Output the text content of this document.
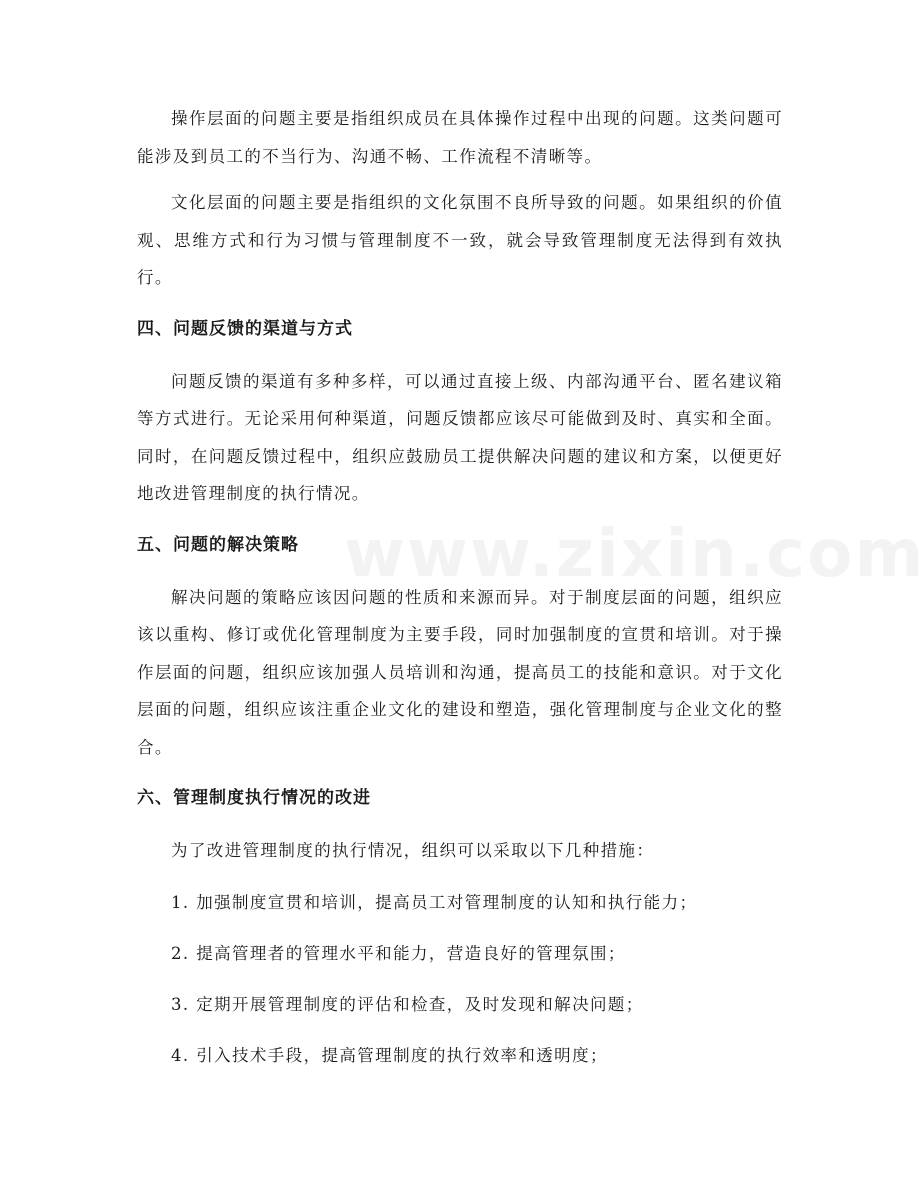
操作层面的问题主要是指组织成员在具体操作过程中出现的问题。这类问题可能涉及到员工的不当行为、沟通不畅、工作流程不清晰等。

文化层面的问题主要是指组织的文化氛围不良所导致的问题。如果组织的价值观、思维方式和行为习惯与管理制度不一致，就会导致管理制度无法得到有效执行。

四、问题反馈的渠道与方式

问题反馈的渠道有多种多样，可以通过直接上级、内部沟通平台、匿名建议箱等方式进行。无论采用何种渠道，问题反馈都应该尽可能做到及时、真实和全面。同时，在问题反馈过程中，组织应鼓励员工提供解决问题的建议和方案，以便更好地改进管理制度的执行情况。

五、问题的解决策略

解决问题的策略应该因问题的性质和来源而异。对于制度层面的问题，组织应该以重构、修订或优化管理制度为主要手段，同时加强制度的宣贯和培训。对于操作层面的问题，组织应该加强人员培训和沟通，提高员工的技能和意识。对于文化层面的问题，组织应该注重企业文化的建设和塑造，强化管理制度与企业文化的整合。

六、管理制度执行情况的改进

为了改进管理制度的执行情况，组织可以采取以下几种措施：

1. 加强制度宣贯和培训，提高员工对管理制度的认知和执行能力；

2. 提高管理者的管理水平和能力，营造良好的管理氛围；

3. 定期开展管理制度的评估和检查，及时发现和解决问题；

4. 引入技术手段，提高管理制度的执行效率和透明度；
